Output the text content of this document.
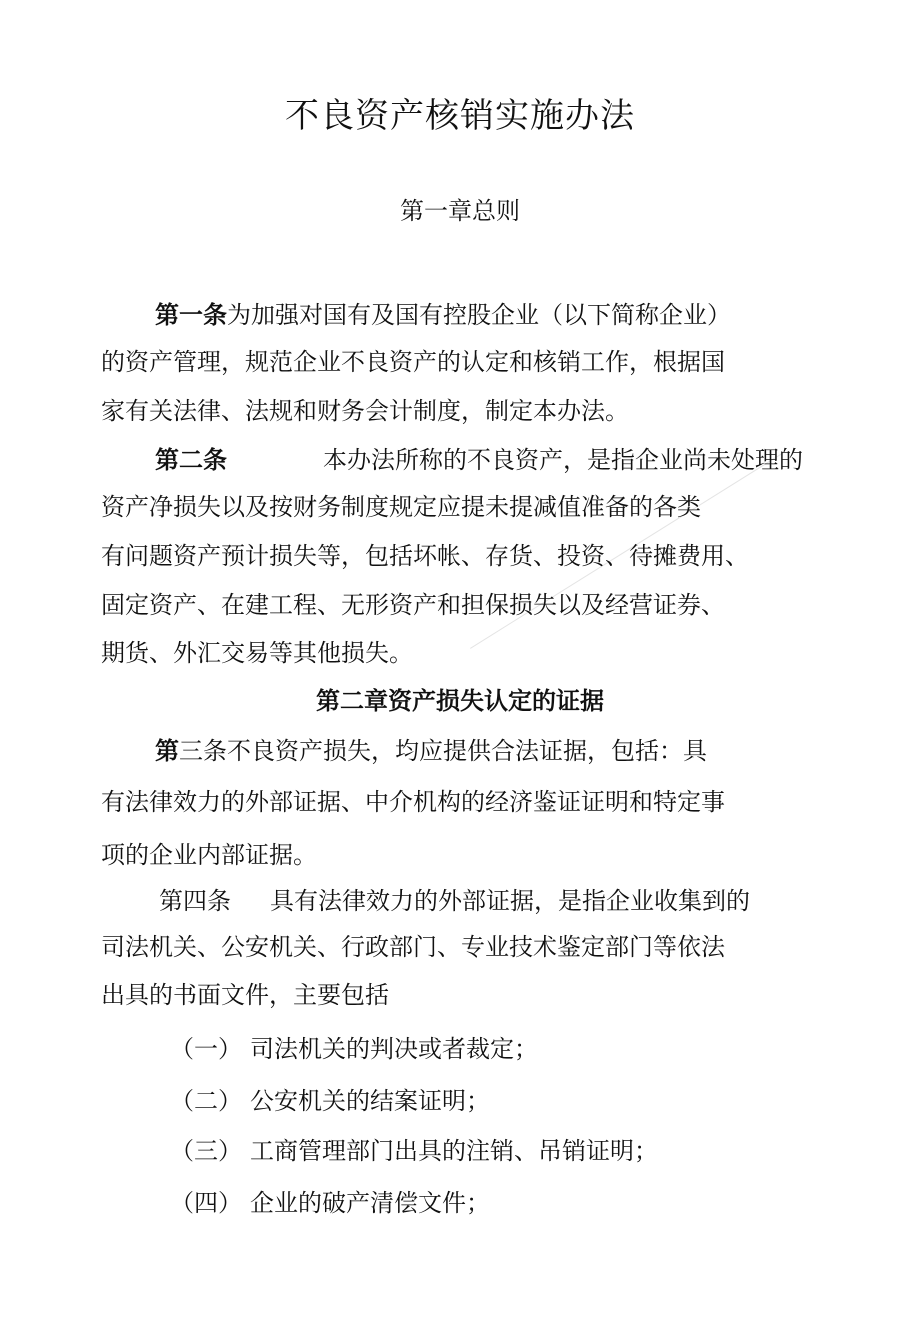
不良资产核销实施办法
第一章总则
第一条为加强对国有及国有控股企业（以下简称企业）
的资产管理，规范企业不良资产的认定和核销工作，根据国
家有关法律、法规和财务会计制度，制定本办法。
第二条	本办法所称的不良资产，是指企业尚未处理的
资产净损失以及按财务制度规定应提未提减值准备的各类
有问题资产预计损失等，包括坏帐、存货、投资、待摊费用、
固定资产、在建工程、无形资产和担保损失以及经营证券、
期货、外汇交易等其他损失。
第二章资产损失认定的证据
第三条不良资产损失，均应提供合法证据，包括：具
有法律效力的外部证据、中介机构的经济鉴证证明和特定事
项的企业内部证据。
第四条 具有法律效力的外部证据，是指企业收集到的
司法机关、公安机关、行政部门、专业技术鉴定部门等依法
出具的书面文件，主要包括
（一） 司法机关的判决或者裁定；
（二） 公安机关的结案证明；
（三） 工商管理部门出具的注销、吊销证明；
（四） 企业的破产清偿文件；
